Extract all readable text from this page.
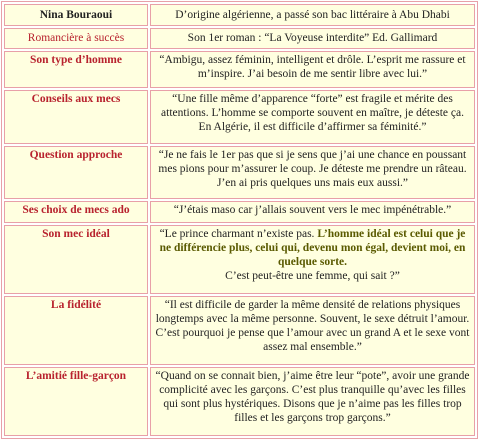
Nina Bouraoui	D’origine algérienne, a passé son bac littéraire à Abu Dhabi
Romancière à succès	Son 1er roman : “La Voyeuse interdite” Ed. Gallimard
Son type d’homme	“Ambigu, assez féminin, intelligent et drôle. L’esprit me rassure et m’inspire. J’ai besoin de me sentir libre avec lui.”
Conseils aux mecs	“Une fille même d’apparence “forte” est fragile et mérite des attentions. L’homme se comporte souvent en maître, je déteste ça. En Algérie, il est difficile d’affirmer sa féminité.”
Question approche	“Je ne fais le 1er pas que si je sens que j’ai une chance en poussant mes pions pour m’assurer le coup. Je déteste me prendre un râteau. J’en ai pris quelques uns mais eux aussi.”
Ses choix de mecs ado	“J’étais maso car j’allais souvent vers le mec impénétrable.”
Son mec idéal	“Le prince charmant n’existe pas. L’homme idéal est celui que je ne différencie plus, celui qui, devenu mon égal, devient moi, en quelque sorte.
C’est peut-être une femme, qui sait ?”
La fidélité	“Il est difficile de garder la même densité de relations physiques longtemps avec la même personne. Souvent, le sexe détruit l’amour. C’est pourquoi je pense que l’amour avec un grand A et le sexe vont assez mal ensemble.”
L’amitié fille-garçon	“Quand on se connait bien, j’aime être leur “pote”, avoir une grande complicité avec les garçons. C’est plus tranquille qu’avec les filles qui sont plus hystériques. Disons que je n’aime pas les filles trop filles et les garçons trop garçons.”
